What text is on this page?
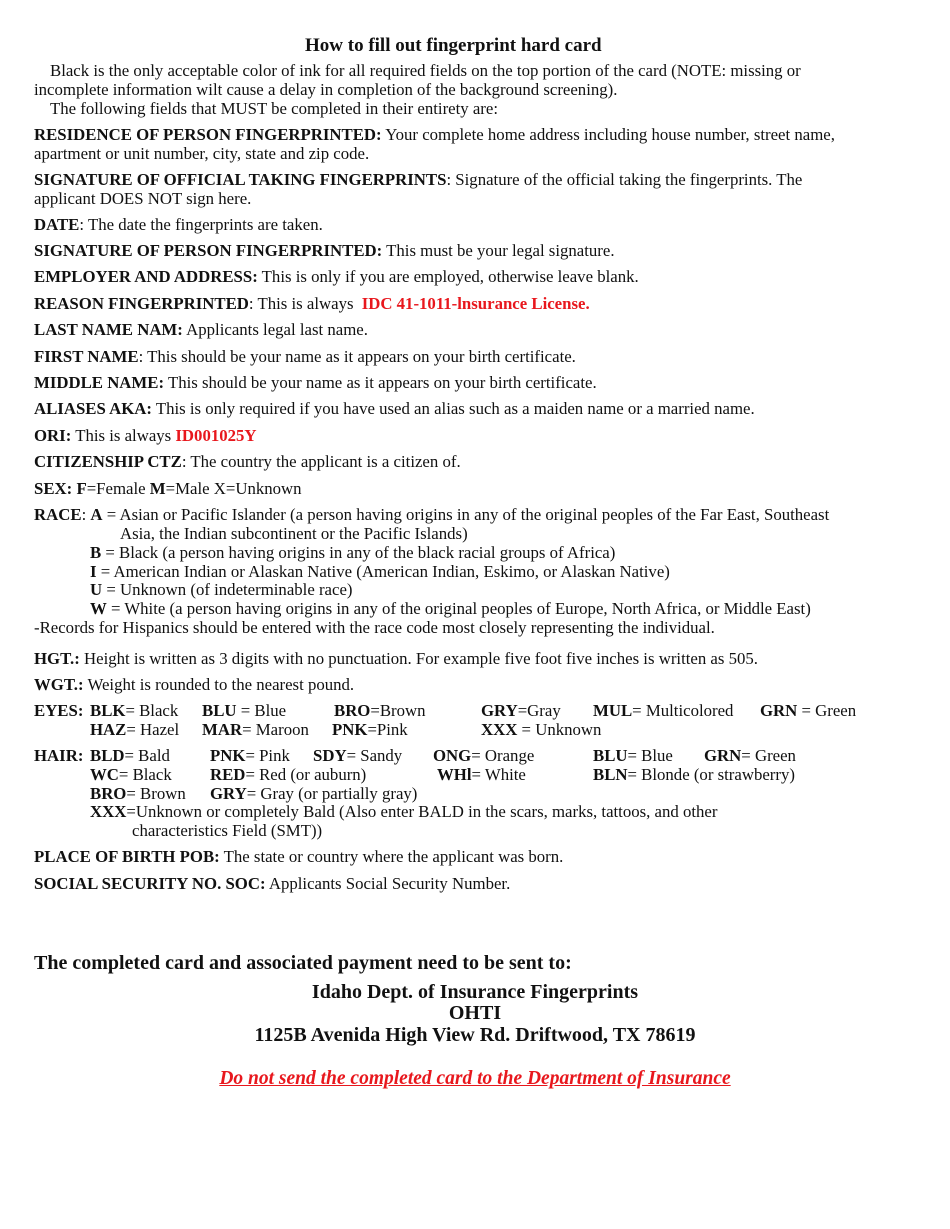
How to fill out fingerprint hard card
Black is the only acceptable color of ink for all required fields on the top portion of the card (NOTE: missing or
incomplete information wilt cause a delay in completion of the background screening).
The following fields that MUST be completed in their entirety are:
RESIDENCE OF PERSON FINGERPRINTED: Your complete home address including house number, street name,
apartment or unit number, city, state and zip code.
SIGNATURE OF OFFICIAL TAKING FINGERPRINTS: Signature of the official taking the fingerprints. The
applicant DOES NOT sign here.
DATE: The date the fingerprints are taken.
SIGNATURE OF PERSON FINGERPRINTED: This must be your legal signature.
EMPLOYER AND ADDRESS: This is only if you are employed, otherwise leave blank.
REASON FINGERPRINTED: This is always IDC 41-1011-lnsurance License.
LAST NAME NAM: Applicants legal last name.
FIRST NAME: This should be your name as it appears on your birth certificate.
MIDDLE NAME: This should be your name as it appears on your birth certificate.
ALIASES AKA: This is only required if you have used an alias such as a maiden name or a married name.
ORI: This is always ID001025Y
CITIZENSHIP CTZ: The country the applicant is a citizen of.
SEX: F=Female M=Male X=Unknown
RACE: A = Asian or Pacific Islander (a person having origins in any of the original peoples of the Far East, Southeast
Asia, the Indian subcontinent or the Pacific Islands)
B = Black (a person having origins in any of the black racial groups of Africa)
I = American Indian or Alaskan Native (American Indian, Eskimo, or Alaskan Native)
U = Unknown (of indeterminable race)
W = White (a person having origins in any of the original peoples of Europe, North Africa, or Middle East)
-Records for Hispanics should be entered with the race code most closely representing the individual.
HGT.: Height is written as 3 digits with no punctuation. For example five foot five inches is written as 505.
WGT.: Weight is rounded to the nearest pound.
EYES: BLK= Black BLU = Blue	BRO=Brown	GRY=Gray MUL= Multicolored GRN = Green
HAZ= Hazel MAR= Maroon PNK=Pink	XXX = Unknown
HAIR: BLD= Bald PNK= Pink SDY= Sandy ONG= Orange	BLU= Blue GRN= Green
WC= Black RED= Red (or auburn)	WHl= White	BLN= Blonde (or strawberry)
BRO= Brown GRY= Gray (or partially gray)
XXX=Unknown or completely Bald (Also enter BALD in the scars, marks, tattoos, and other
characteristics Field (SMT))
PLACE OF BIRTH POB: The state or country where the applicant was born.
SOCIAL SECURITY NO. SOC: Applicants Social Security Number.
The completed card and associated payment need to be sent to:
Idaho Dept. of Insurance Fingerprints
OHTI
1125B Avenida High View Rd. Driftwood, TX 78619
Do not send the completed card to the Department of Insurance
